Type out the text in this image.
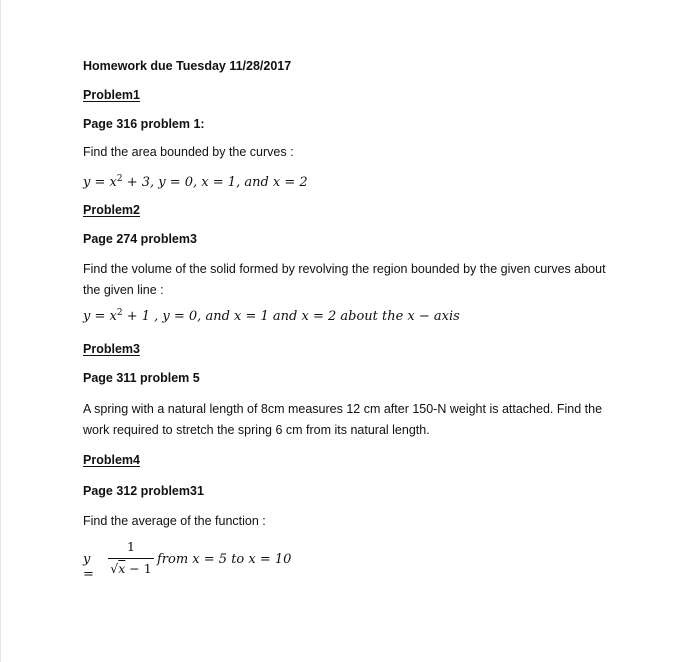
Homework due Tuesday 11/28/2017
Problem1
Page 316 problem 1:
Find the area bounded by the curves :
$y = x^2 + 3$, y = 0, x = 1, and x = 2
Problem2
Page 274 problem3
Find the volume of the solid formed by revolving the region bounded by the given curves about the given line :
$y = x^2 + 1$ , y = 0, and x = 1 and x = 2 about the x − axis
Problem3
Page 311 problem 5
A spring with a natural length of 8cm measures 12 cm after 150-N weight is attached. Find the work required to stretch the spring 6 cm from its natural length.
Problem4
Page 312 problem31
Find the average of the function :
y =
1
√x − 1
from x = 5 to x = 10
